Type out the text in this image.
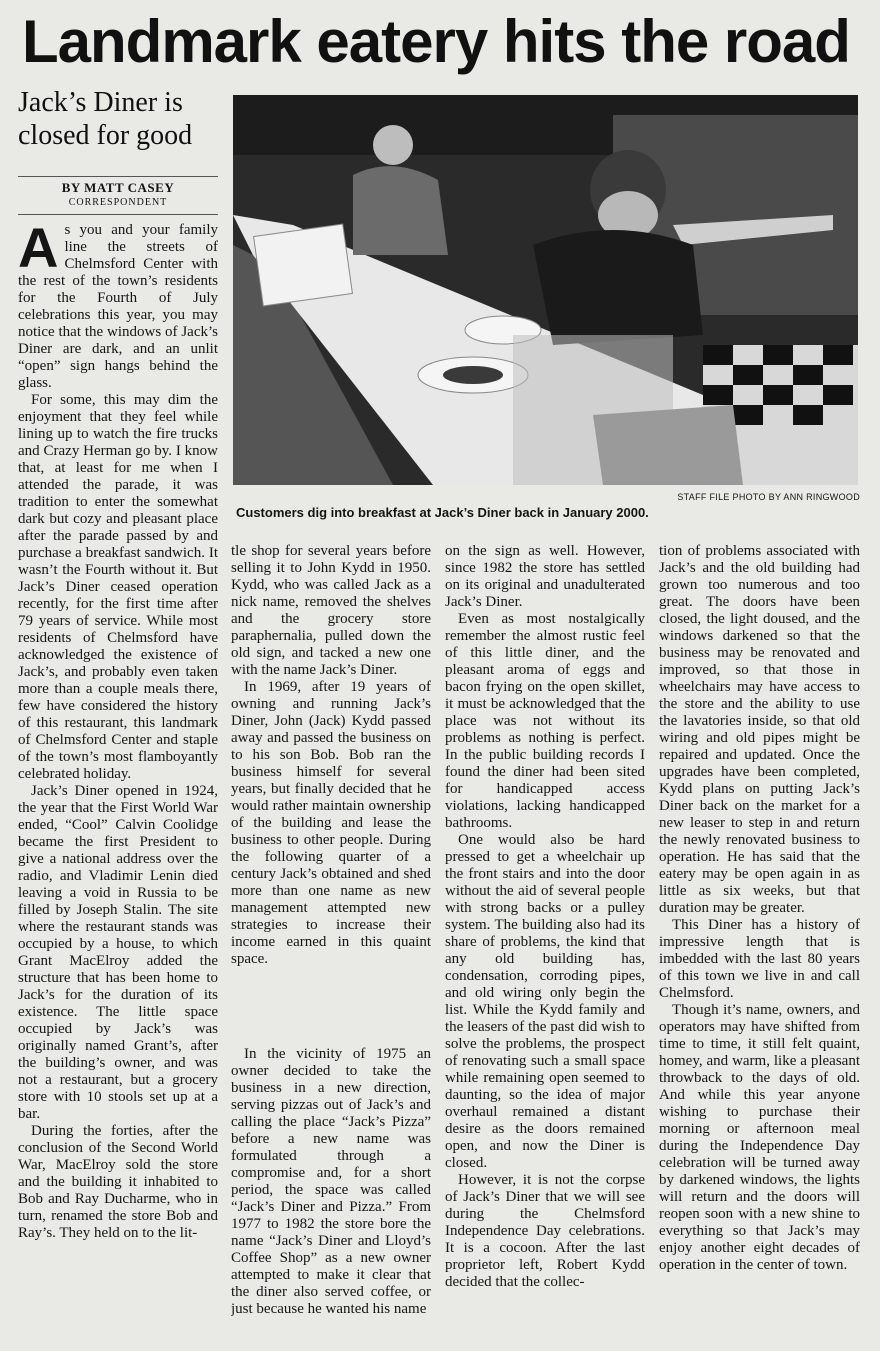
Landmark eatery hits the road
Jack’s Diner is closed for good
BY MATT CASEY
CORRESPONDENT
STAFF FILE PHOTO BY ANN RINGWOOD
Customers dig into breakfast at Jack’s Diner back in January 2000.

As you and your family line the streets of Chelmsford Center with the rest of the town’s residents for the Fourth of July celebrations this year, you may notice that the windows of Jack’s Diner are dark, and an unlit “open” sign hangs behind the glass.

For some, this may dim the enjoyment that they feel while lining up to watch the fire trucks and Crazy Herman go by. I know that, at least for me when I attended the parade, it was tradition to enter the somewhat dark but cozy and pleasant place after the parade passed by and purchase a breakfast sandwich. It wasn’t the Fourth without it. But Jack’s Diner ceased operation recently, for the first time after 79 years of service. While most residents of Chelmsford have acknowledged the existence of Jack’s, and probably even taken more than a couple meals there, few have considered the history of this restaurant, this landmark of Chelmsford Center and staple of the town’s most flamboyantly celebrated holiday.

Jack’s Diner opened in 1924, the year that the First World War ended, “Cool” Calvin Coolidge became the first President to give a national address over the radio, and Vladimir Lenin died leaving a void in Russia to be filled by Joseph Stalin. The site where the restaurant stands was occupied by a house, to which Grant MacElroy added the structure that has been home to Jack’s for the duration of its existence. The little space occupied by Jack’s was originally named Grant’s, after the building’s owner, and was not a restaurant, but a grocery store with 10 stools set up at a bar.

During the forties, after the conclusion of the Second World War, MacElroy sold the store and the building it inhabited to Bob and Ray Ducharme, who in turn, renamed the store Bob and Ray’s. They held on to the lit-

tle shop for several years before selling it to John Kydd in 1950. Kydd, who was called Jack as a nick name, removed the shelves and the grocery store paraphernalia, pulled down the old sign, and tacked a new one with the name Jack’s Diner.

In 1969, after 19 years of owning and running Jack’s Diner, John (Jack) Kydd passed away and passed the business on to his son Bob. Bob ran the business himself for several years, but finally decided that he would rather maintain ownership of the building and lease the business to other people. During the following quarter of a century Jack’s obtained and shed more than one name as new management attempted new strategies to increase their income earned in this quaint space.

In the vicinity of 1975 an owner decided to take the business in a new direction, serving pizzas out of Jack’s and calling the place “Jack’s Pizza” before a new name was formulated through a compromise and, for a short period, the space was called “Jack’s Diner and Pizza.” From 1977 to 1982 the store bore the name “Jack’s Diner and Lloyd’s Coffee Shop” as a new owner attempted to make it clear that the diner also served coffee, or just because he wanted his name

on the sign as well. However, since 1982 the store has settled on its original and unadulterated Jack’s Diner.

Even as most nostalgically remember the almost rustic feel of this little diner, and the pleasant aroma of eggs and bacon frying on the open skillet, it must be acknowledged that the place was not without its problems as nothing is perfect. In the public building records I found the diner had been sited for handicapped access violations, lacking handicapped bathrooms.

One would also be hard pressed to get a wheelchair up the front stairs and into the door without the aid of several people with strong backs or a pulley system. The building also had its share of problems, the kind that any old building has, condensation, corroding pipes, and old wiring only begin the list. While the Kydd family and the leasers of the past did wish to solve the problems, the prospect of renovating such a small space while remaining open seemed to daunting, so the idea of major overhaul remained a distant desire as the doors remained open, and now the Diner is closed.

However, it is not the corpse of Jack’s Diner that we will see during the Chelmsford Independence Day celebrations. It is a cocoon. After the last proprietor left, Robert Kydd decided that the collec-

tion of problems associated with Jack’s and the old building had grown too numerous and too great. The doors have been closed, the light doused, and the windows darkened so that the business may be renovated and improved, so that those in wheelchairs may have access to the store and the ability to use the lavatories inside, so that old wiring and old pipes might be repaired and updated. Once the upgrades have been completed, Kydd plans on putting Jack’s Diner back on the market for a new leaser to step in and return the newly renovated business to operation. He has said that the eatery may be open again in as little as six weeks, but that duration may be greater.

This Diner has a history of impressive length that is imbedded with the last 80 years of this town we live in and call Chelmsford.

Though it’s name, owners, and operators may have shifted from time to time, it still felt quaint, homey, and warm, like a pleasant throwback to the days of old. And while this year anyone wishing to purchase their morning or afternoon meal during the Independence Day celebration will be turned away by darkened windows, the lights will return and the doors will reopen soon with a new shine to everything so that Jack’s may enjoy another eight decades of operation in the center of town.
